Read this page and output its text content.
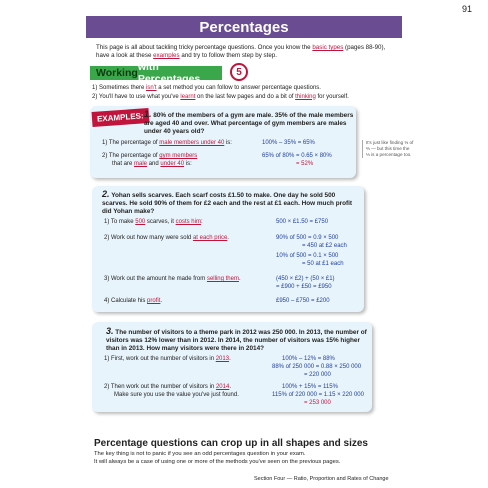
91
Percentages
This page is all about tackling tricky percentage questions. Once you know the basic types (pages 88-90), have a look at these examples and try to follow them step by step.
Working with Percentages
5
1) Sometimes there isn't a set method you can follow to answer percentage questions.
2) You'll have to use what you've learnt on the last few pages and do a bit of thinking for yourself.
EXAMPLES: 1. 80% of the members of a gym are male. 35% of the male members are aged 40 and over. What percentage of gym members are males under 40 years old?
1) The percentage of male members under 40 is:	100% – 35% = 65%
2) The percentage of gym members
that are male and under 40 is:
65% of 80% = 0.65 × 80%
= 52%
It's just like finding ⅓ of ⅔ — but this time the ⅓ is a percentage too.
2. Yohan sells scarves. Each scarf costs £1.50 to make. One day he sold 500 scarves. He sold 90% of them for £2 each and the rest at £1 each. How much profit did Yohan make?
1) To make 500 scarves, it costs him:	500 × £1.50 = £750
2) Work out how many were sold at each price.	90% of 500 = 0.9 × 500
= 450 at £2 each
10% of 500 = 0.1 × 500
= 50 at £1 each
3) Work out the amount he made from selling them.	(450 × £2) + (50 × £1)
= £900 + £50 = £950
4) Calculate his profit.	£950 – £750 = £200
3. The number of visitors to a theme park in 2012 was 250 000. In 2013, the number of visitors was 12% lower than in 2012. In 2014, the number of visitors was 15% higher than in 2013. How many visitors were there in 2014?
1) First, work out the number of visitors in 2013.	100% – 12% = 88%
88% of 250 000 = 0.88 × 250 000
= 220 000
2) Then work out the number of visitors in 2014.
Make sure you use the value you've just found.
100% + 15% = 115%
115% of 220 000 = 1.15 × 220 000
= 253 000
Percentage questions can crop up in all shapes and sizes
The key thing is not to panic if you see an odd percentages question in your exam.
It will always be a case of using one or more of the methods you've seen on the previous pages.
Section Four — Ratio, Proportion and Rates of Change
